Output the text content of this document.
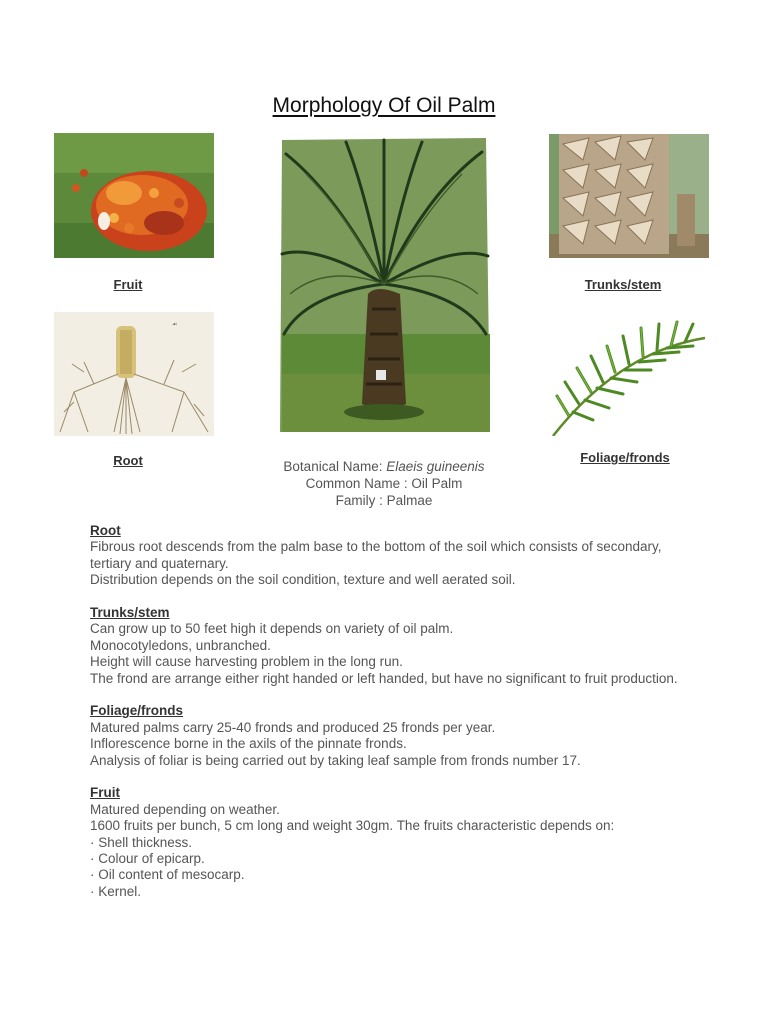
Morphology Of Oil Palm
Fruit
☙
Root
Trunks/stem
Foliage/fronds
Botanical Name: Elaeis guineenis
Common Name : Oil Palm
Family : Palmae
Root
Fibrous root descends from the palm base to the bottom of the soil which consists of secondary, tertiary and quaternary.
Distribution depends on the soil condition, texture and well aerated soil.
Trunks/stem
Can grow up to 50 feet high it depends on variety of oil palm.
Monocotyledons, unbranched.
Height will cause harvesting problem in the long run.
The frond are arrange either right handed or left handed, but have no significant to fruit production.
Foliage/fronds
Matured palms carry 25-40 fronds and produced 25 fronds per year.
Inflorescence borne in the axils of the pinnate fronds.
Analysis of foliar is being carried out by taking leaf sample from fronds number 17.
Fruit
Matured depending on weather.
1600 fruits per bunch, 5 cm long and weight 30gm. The fruits characteristic depends on:
· Shell thickness.
· Colour of epicarp.
· Oil content of mesocarp.
· Kernel.
